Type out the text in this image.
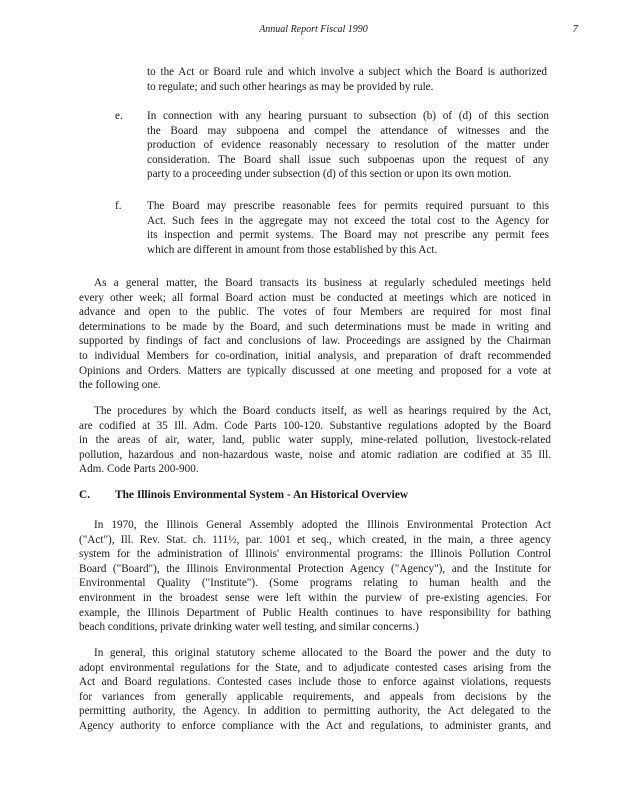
Annual Report Fiscal 1990	7
to the Act or Board rule and which involve a subject which the Board is authorized
to regulate; and such other hearings as may be provided by rule.
e. In connection with any hearing pursuant to subsection (b) of (d) of this section
the Board may subpoena and compel the attendance of witnesses and the
production of evidence reasonably necessary to resolution of the matter under
consideration. The Board shall issue such subpoenas upon the request of any
party to a proceeding under subsection (d) of this section or upon its own motion.
f. The Board may prescribe reasonable fees for permits required pursuant to this
Act. Such fees in the aggregate may not exceed the total cost to the Agency for
its inspection and permit systems. The Board may not prescribe any permit fees
which are different in amount from those established by this Act.
As a general matter, the Board transacts its business at regularly scheduled meetings held
every other week; all formal Board action must be conducted at meetings which are noticed in
advance and open to the public. The votes of four Members are required for most final
determinations to be made by the Board, and such determinations must be made in writing and
supported by findings of fact and conclusions of law. Proceedings are assigned by the Chairman
to individual Members for co-ordination, initial analysis, and preparation of draft recommended
Opinions and Orders. Matters are typically discussed at one meeting and proposed for a vote at
the following one.
The procedures by which the Board conducts itself, as well as hearings required by the Act,
are codified at 35 Ill. Adm. Code Parts 100-120. Substantive regulations adopted by the Board
in the areas of air, water, land, public water supply, mine-related pollution, livestock-related
pollution, hazardous and non-hazardous waste, noise and atomic radiation are codified at 35 Ill.
Adm. Code Parts 200-900.
C. The Illinois Environmental System - An Historical Overview
In 1970, the Illinois General Assembly adopted the Illinois Environmental Protection Act
("Act"), Ill. Rev. Stat. ch. 111½, par. 1001 et seq., which created, in the main, a three agency
system for the administration of Illinois' environmental programs: the Illinois Pollution Control
Board ("Board"), the Illinois Environmental Protection Agency ("Agency"), and the Institute for
Environmental Quality ("Institute"). (Some programs relating to human health and the
environment in the broadest sense were left within the purview of pre-existing agencies. For
example, the Illinois Department of Public Health continues to have responsibility for bathing
beach conditions, private drinking water well testing, and similar concerns.)
In general, this original statutory scheme allocated to the Board the power and the duty to
adopt environmental regulations for the State, and to adjudicate contested cases arising from the
Act and Board regulations. Contested cases include those to enforce against violations, requests
for variances from generally applicable requirements, and appeals from decisions by the
permitting authority, the Agency. In addition to permitting authority, the Act delegated to the
Agency authority to enforce compliance with the Act and regulations, to administer grants, and
